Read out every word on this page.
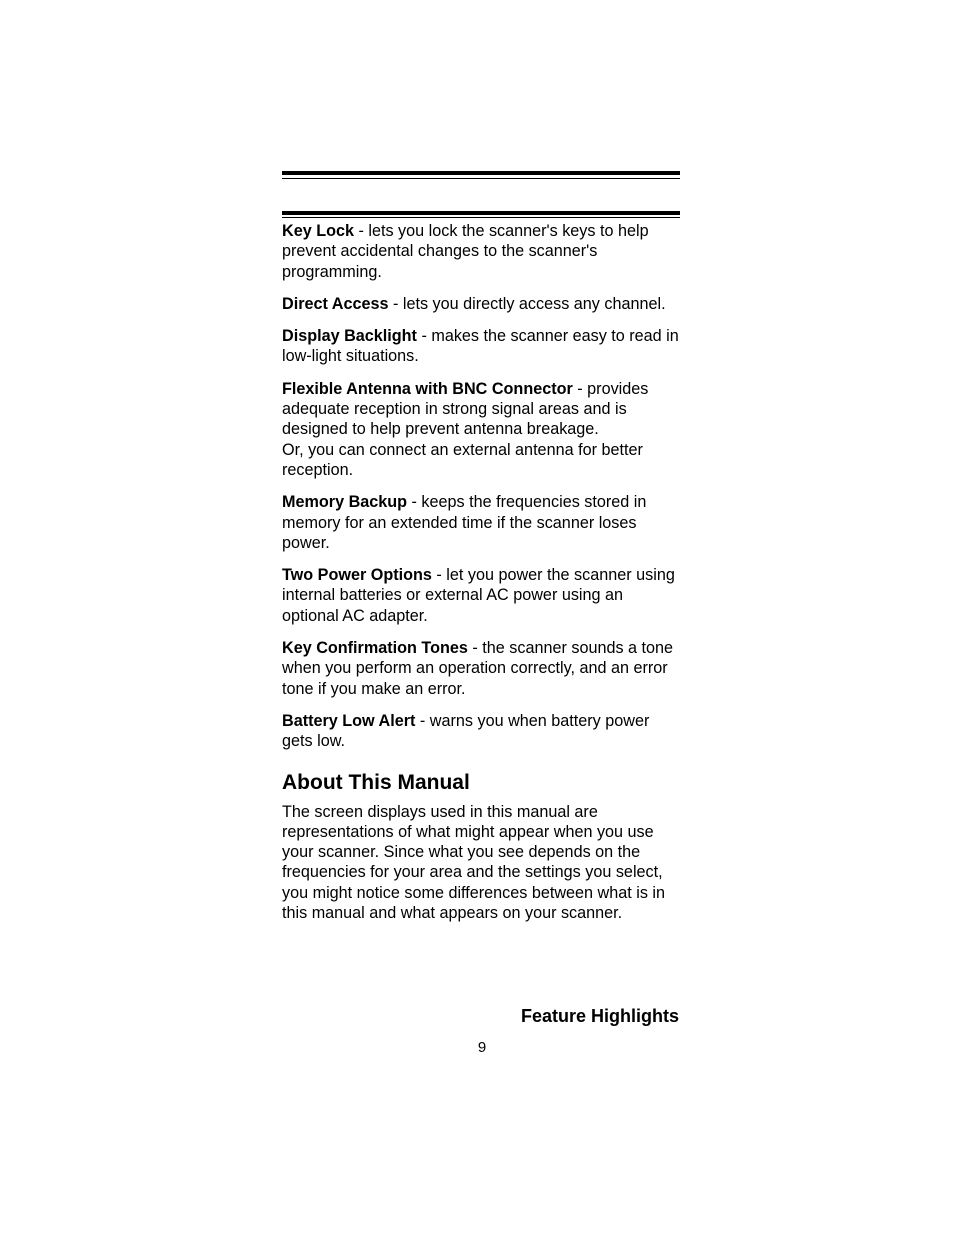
Key Lock - lets you lock the scanner's keys to help prevent accidental changes to the scanner's programming.

Direct Access - lets you directly access any channel.

Display Backlight - makes the scanner easy to read in low-light situations.

Flexible Antenna with BNC Connector - provides adequate reception in strong signal areas and is designed to help prevent antenna breakage.
Or, you can connect an external antenna for better reception.

Memory Backup - keeps the frequencies stored in memory for an extended time if the scanner loses power.

Two Power Options - let you power the scanner using internal batteries or external AC power using an optional AC adapter.

Key Confirmation Tones - the scanner sounds a tone when you perform an operation correctly, and an error tone if you make an error.

Battery Low Alert - warns you when battery power gets low.

About This Manual

The screen displays used in this manual are representations of what might appear when you use your scanner. Since what you see depends on the frequencies for your area and the settings you select, you might notice some differences between what is in this manual and what appears on your scanner.

Feature Highlights
9
